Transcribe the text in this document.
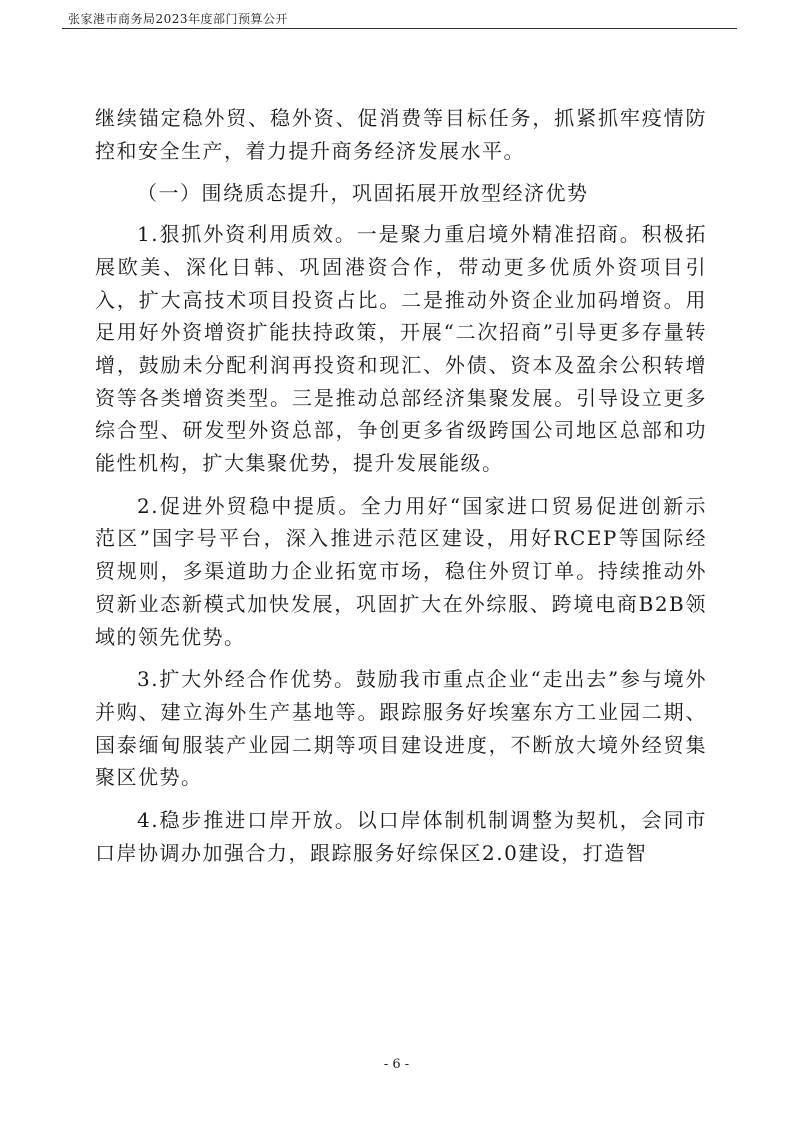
张家港市商务局2023年度部门预算公开

继续锚定稳外贸、稳外资、促消费等目标任务，抓紧抓牢疫情防控和安全生产，着力提升商务经济发展水平。

（一）围绕质态提升，巩固拓展开放型经济优势

1.狠抓外资利用质效。一是聚力重启境外精准招商。积极拓展欧美、深化日韩、巩固港资合作，带动更多优质外资项目引入，扩大高技术项目投资占比。二是推动外资企业加码增资。用足用好外资增资扩能扶持政策，开展“二次招商”引导更多存量转增，鼓励未分配利润再投资和现汇、外债、资本及盈余公积转增资等各类增资类型。三是推动总部经济集聚发展。引导设立更多综合型、研发型外资总部，争创更多省级跨国公司地区总部和功能性机构，扩大集聚优势，提升发展能级。

2.促进外贸稳中提质。全力用好“国家进口贸易促进创新示范区”国字号平台，深入推进示范区建设，用好RCEP等国际经贸规则，多渠道助力企业拓宽市场，稳住外贸订单。持续推动外贸新业态新模式加快发展，巩固扩大在外综服、跨境电商B2B领域的领先优势。

3.扩大外经合作优势。鼓励我市重点企业“走出去”参与境外并购、建立海外生产基地等。跟踪服务好埃塞东方工业园二期、国泰缅甸服装产业园二期等项目建设进度，不断放大境外经贸集聚区优势。

4.稳步推进口岸开放。以口岸体制机制调整为契机，会同市口岸协调办加强合力，跟踪服务好综保区2.0建设，打造智

- 6 -
